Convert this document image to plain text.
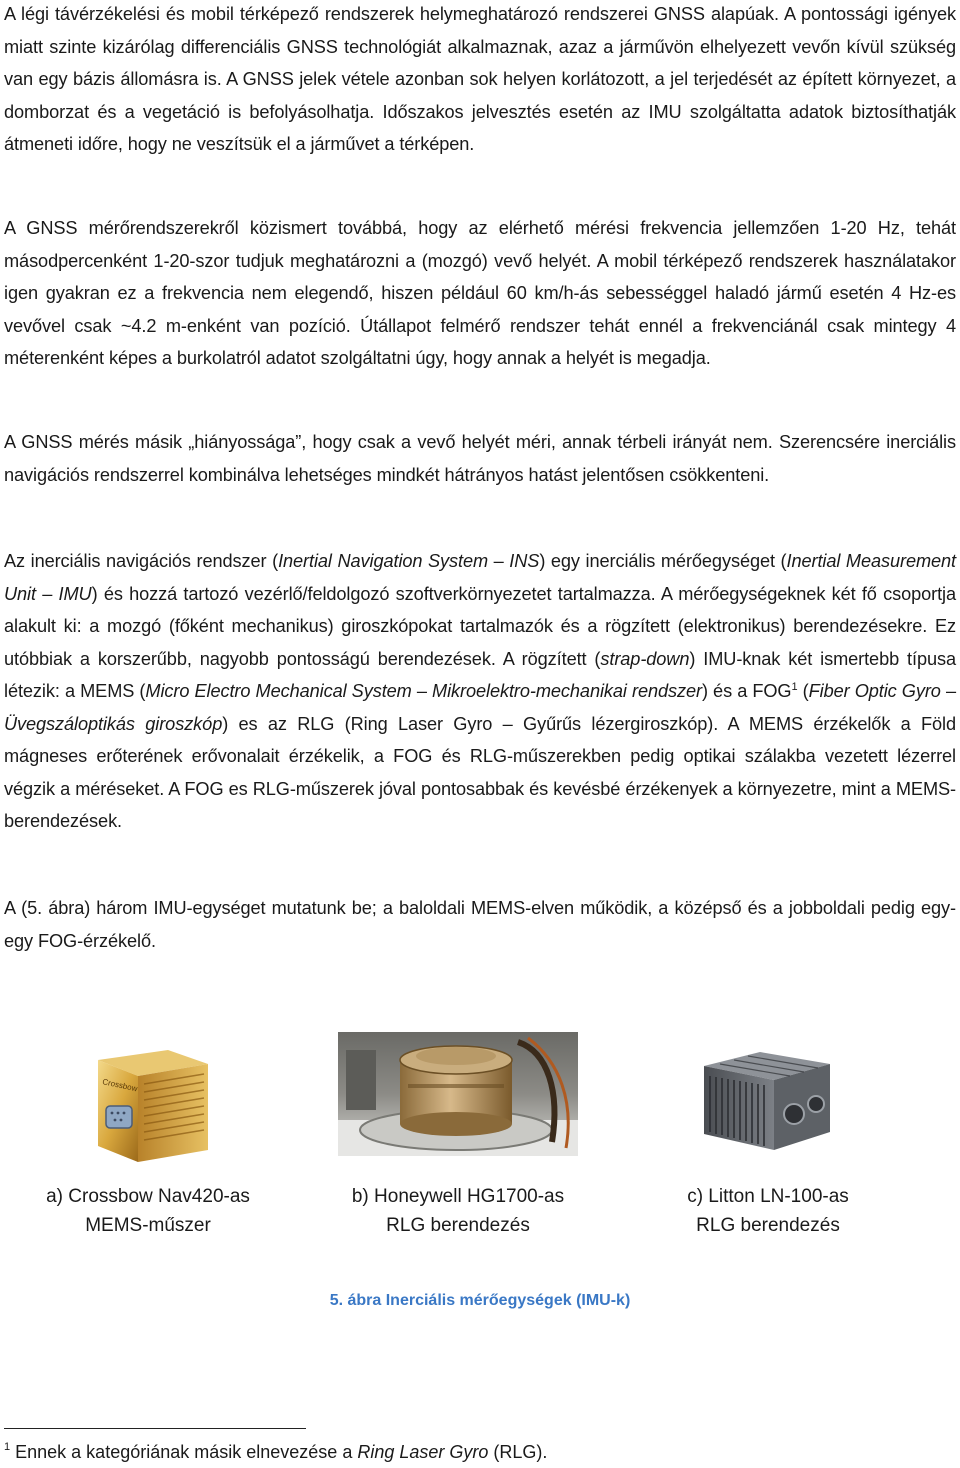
A légi távérzékelési és mobil térképező rendszerek helymeghatározó rendszerei GNSS alapúak. A pontossági igények miatt szinte kizárólag differenciális GNSS technológiát alkalmaznak, azaz a járművön elhelyezett vevőn kívül szükség van egy bázis állomásra is. A GNSS jelek vétele azonban sok helyen korlátozott, a jel terjedését az épített környezet, a domborzat és a vegetáció is befolyásolhatja. Időszakos jelvesztés esetén az IMU szolgáltatta adatok biztosíthatják átmeneti időre, hogy ne veszítsük el a járművet a térképen.

A GNSS mérőrendszerekről közismert továbbá, hogy az elérhető mérési frekvencia jellemzően 1-20 Hz, tehát másodpercenként 1-20-szor tudjuk meghatározni a (mozgó) vevő helyét. A mobil térképező rendszerek használatakor igen gyakran ez a frekvencia nem elegendő, hiszen például 60 km/h-ás sebességgel haladó jármű esetén 4 Hz-es vevővel csak ~4.2 m-enként van pozíció. Útállapot felmérő rendszer tehát ennél a frekvenciánál csak mintegy 4 méterenként képes a burkolatról adatot szolgáltatni úgy, hogy annak a helyét is megadja.

A GNSS mérés másik „hiányossága”, hogy csak a vevő helyét méri, annak térbeli irányát nem. Szerencsére inerciális navigációs rendszerrel kombinálva lehetséges mindkét hátrányos hatást jelentősen csökkenteni.

Az inerciális navigációs rendszer (Inertial Navigation System – INS) egy inerciális mérőegységet (Inertial Measurement Unit – IMU) és hozzá tartozó vezérlő/feldolgozó szoftverkörnyezetet tartalmazza. A mérőegységeknek két fő csoportja alakult ki: a mozgó (főként mechanikus) giroszkópokat tartalmazók és a rögzített (elektronikus) berendezésekre. Ez utóbbiak a korszerűbb, nagyobb pontosságú berendezések. A rögzített (strap-down) IMU-knak két ismertebb típusa létezik: a MEMS (Micro Electro Mechanical System – Mikroelektro-mechanikai rendszer) és a FOG$^1$ (Fiber Optic Gyro – Üvegszáloptikás giroszkóp) es az RLG (Ring Laser Gyro – Gyűrűs lézergiroszkóp). A MEMS érzékelők a Föld mágneses erőterének erővonalait érzékelik, a FOG és RLG-műszerekben pedig optikai szálakba vezetett lézerrel végzik a méréseket. A FOG es RLG-műszerek jóval pontosabbak és kevésbé érzékenyek a környezetre, mint a MEMS-berendezések.

A (5. ábra) három IMU-egységet mutatunk be; a baloldali MEMS-elven működik, a középső és a jobboldali pedig egy-egy FOG-érzékelő.

Crossbow

a) Crossbow Nav420-as
MEMS-műszer

b) Honeywell HG1700-as
RLG berendezés

c) Litton LN-100-as
RLG berendezés

5. ábra Inerciális mérőegységek (IMU-k)

$^1$ Ennek a kategóriának másik elnevezése a Ring Laser Gyro (RLG).
